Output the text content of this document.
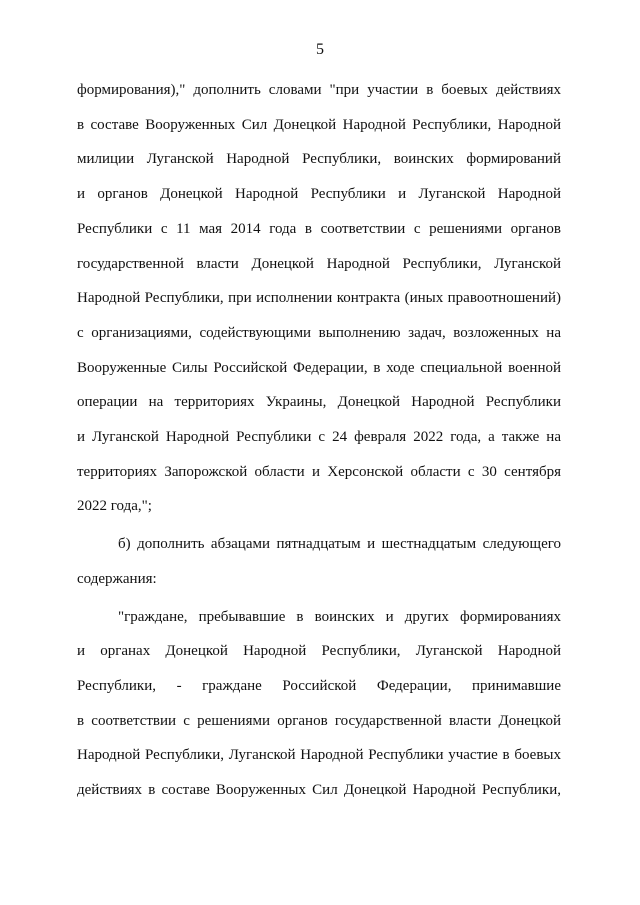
5

формирования)," дополнить словами "при участии в боевых действиях
в составе Вооруженных Сил Донецкой Народной Республики, Народной
милиции Луганской Народной Республики, воинских формирований
и органов Донецкой Народной Республики и Луганской Народной
Республики с 11 мая 2014 года в соответствии с решениями органов
государственной власти Донецкой Народной Республики, Луганской
Народной Республики, при исполнении контракта (иных правоотношений)
с организациями, содействующими выполнению задач, возложенных на
Вооруженные Силы Российской Федерации, в ходе специальной военной
операции на территориях Украины, Донецкой Народной Республики
и Луганской Народной Республики с 24 февраля 2022 года, а также на
территориях Запорожской области и Херсонской области с 30 сентября
2022 года,";

б) дополнить абзацами пятнадцатым и шестнадцатым следующего
содержания:

"граждане, пребывавшие в воинских и других формированиях
и органах Донецкой Народной Республики, Луганской Народной
Республики, - граждане Российской Федерации, принимавшие
в соответствии с решениями органов государственной власти Донецкой
Народной Республики, Луганской Народной Республики участие в боевых
действиях в составе Вооруженных Сил Донецкой Народной Республики,
